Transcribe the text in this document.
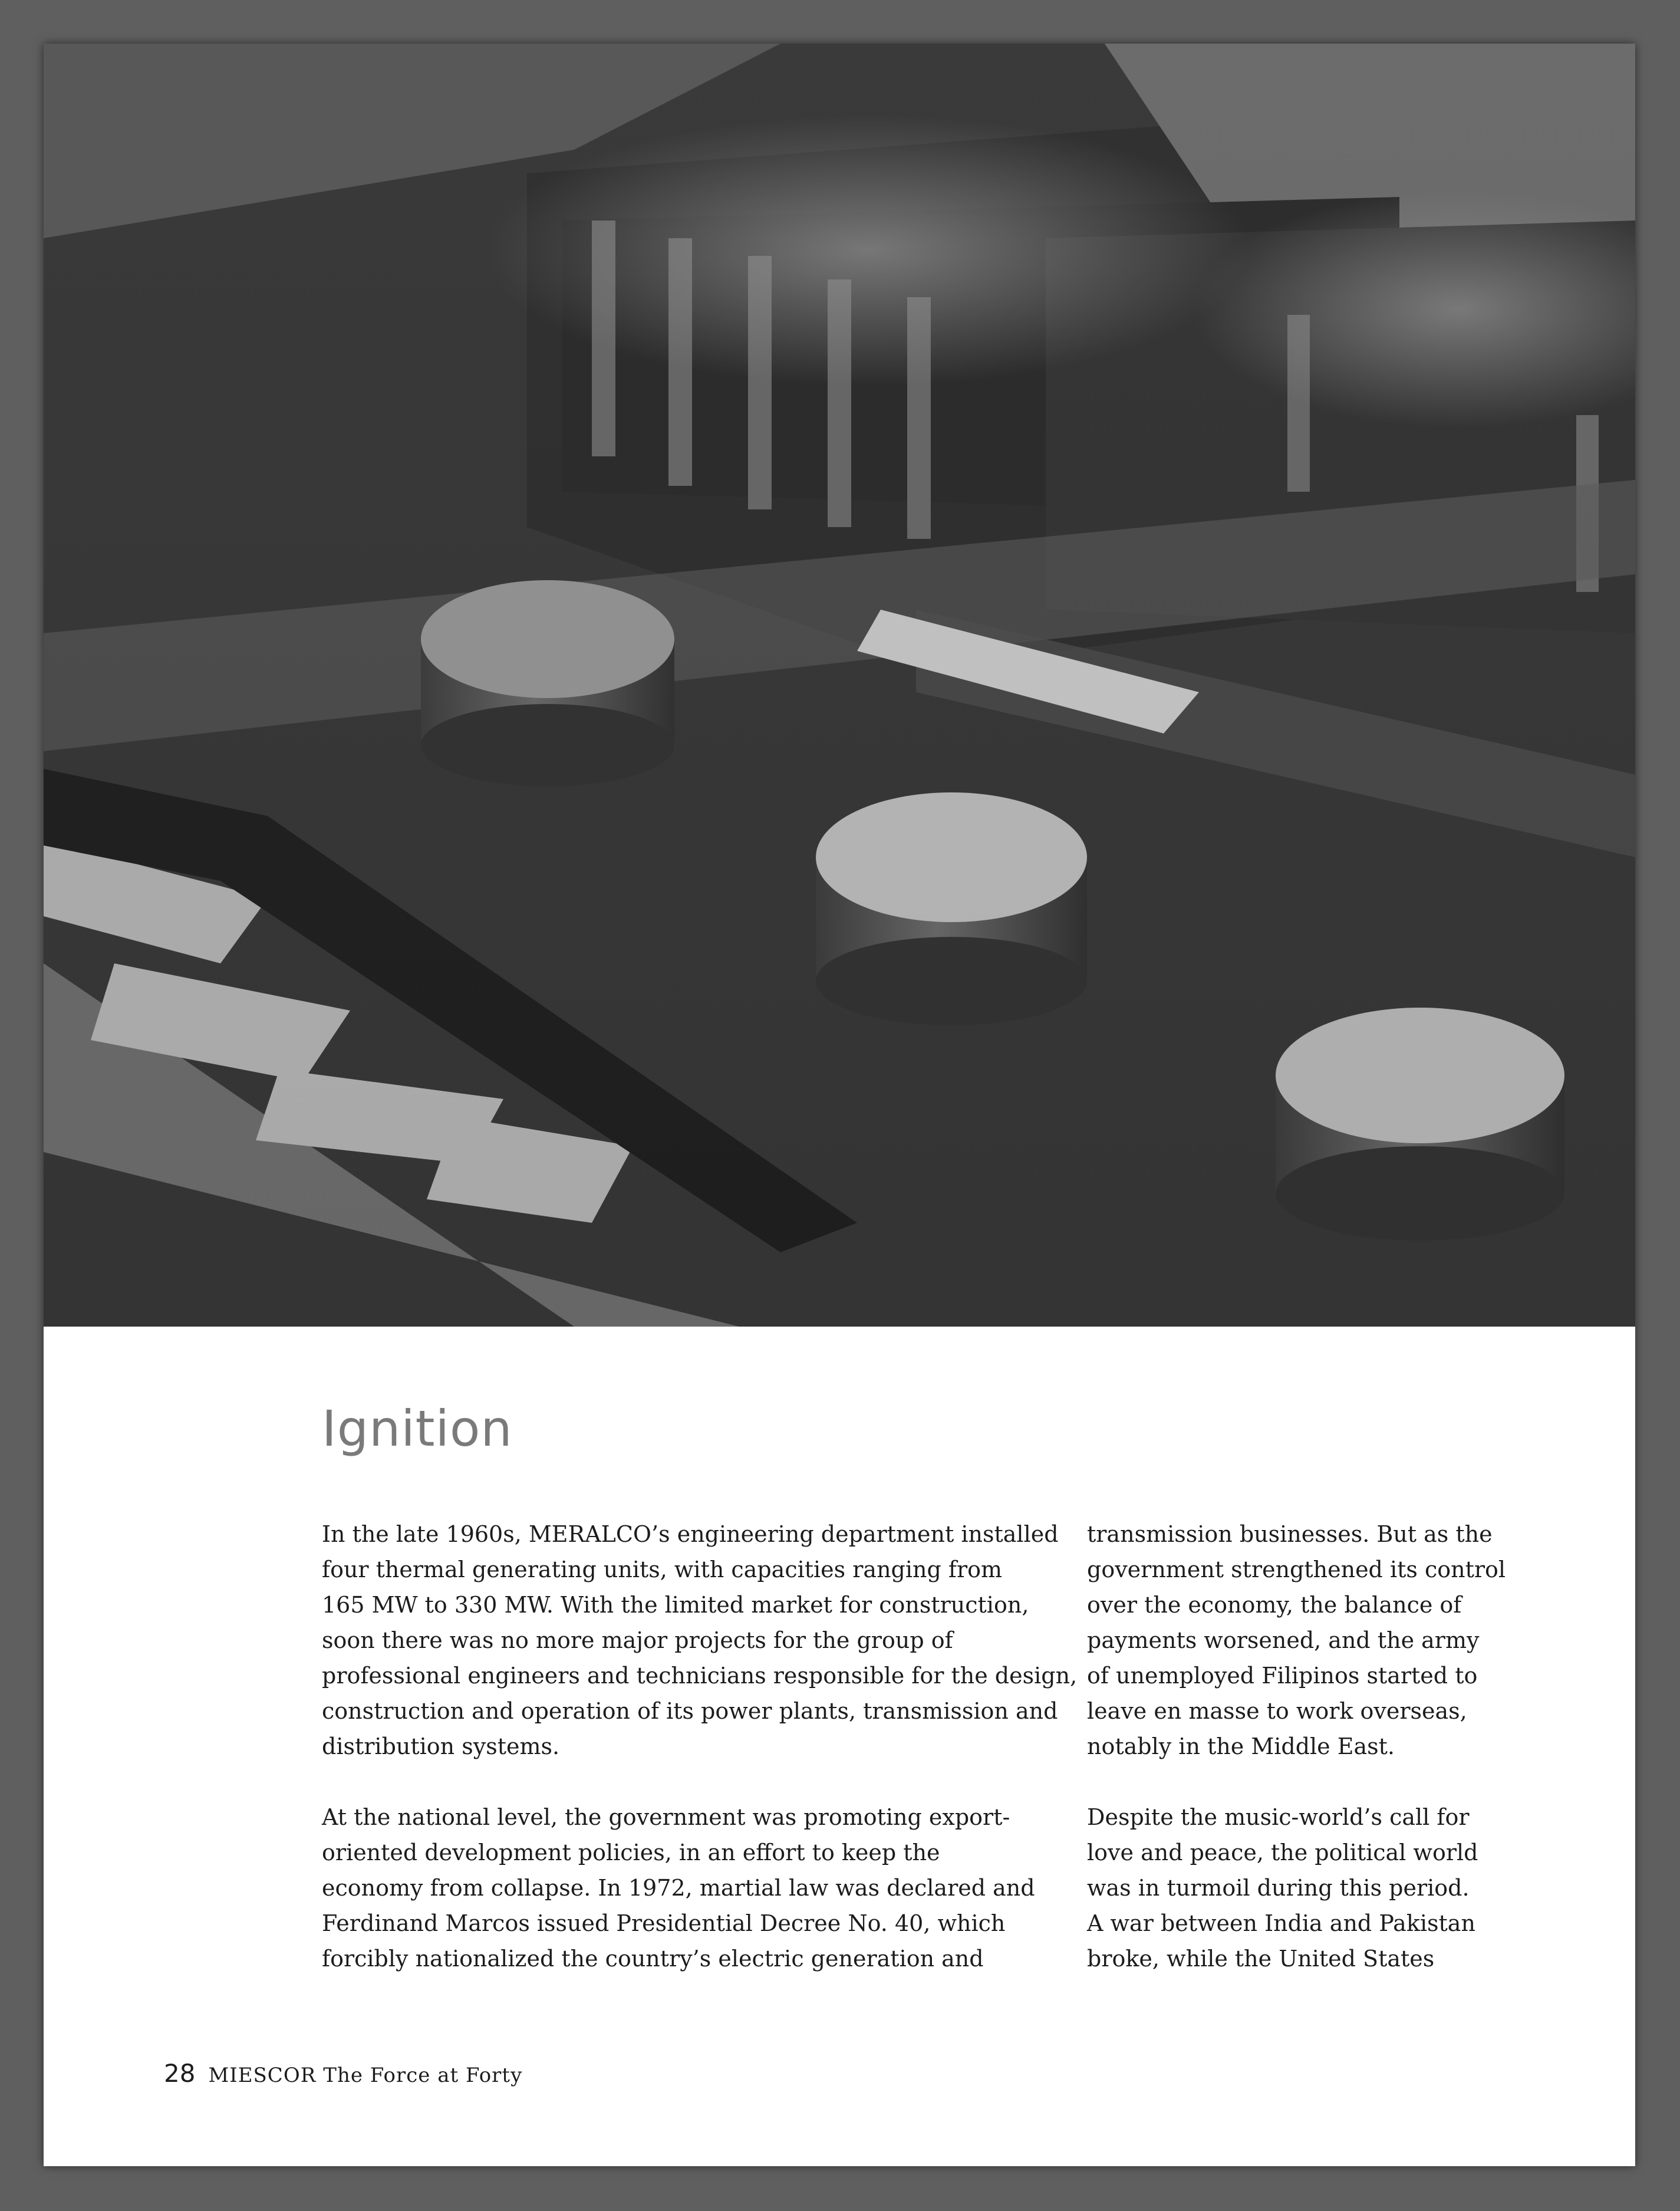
Ignition

In the late 1960s, MERALCO’s engineering department installed
four thermal generating units, with capacities ranging from
165 MW to 330 MW. With the limited market for construction,
soon there was no more major projects for the group of
professional engineers and technicians responsible for the design,
construction and operation of its power plants, transmission and
distribution systems.

At the national level, the government was promoting export-
oriented development policies, in an effort to keep the
economy from collapse. In 1972, martial law was declared and
Ferdinand Marcos issued Presidential Decree No. 40, which
forcibly nationalized the country’s electric generation and

transmission businesses. But as the
government strengthened its control
over the economy, the balance of
payments worsened, and the army
of unemployed Filipinos started to
leave en masse to work overseas,
notably in the Middle East.

Despite the music-world’s call for
love and peace, the political world
was in turmoil during this period.
A war between India and Pakistan
broke, while the United States

28 MIESCOR The Force at Forty
